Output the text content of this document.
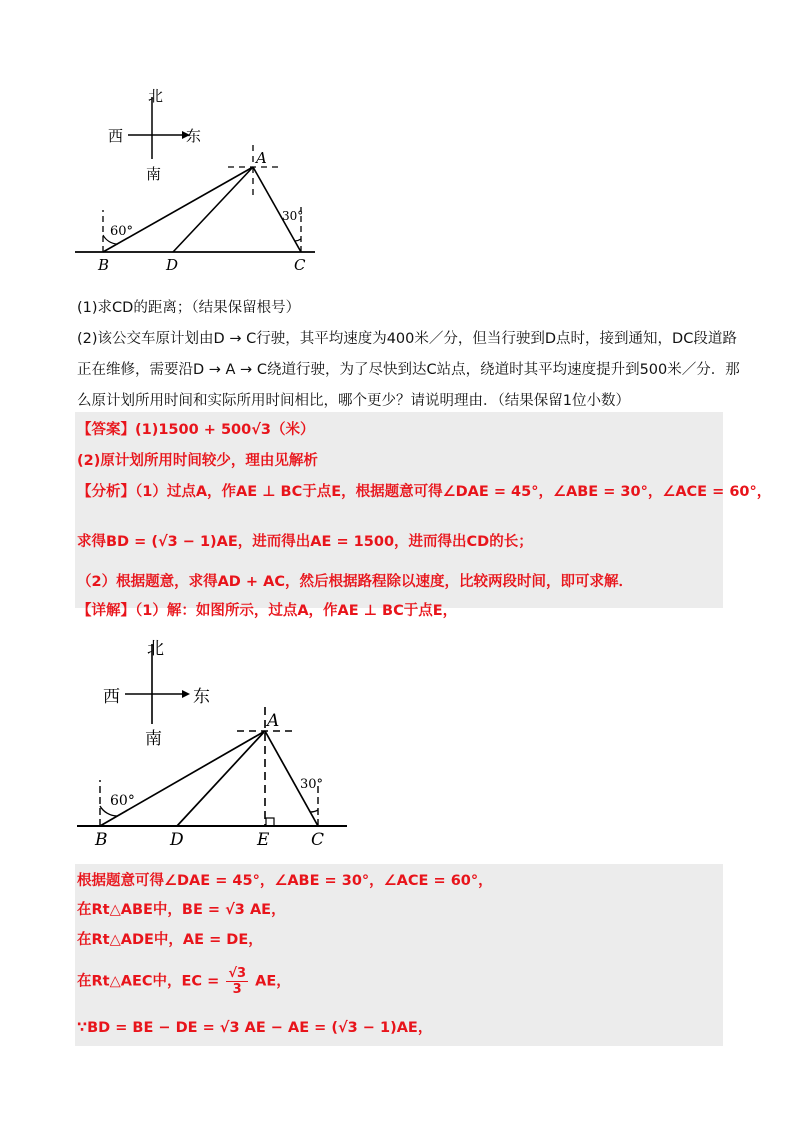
北
南
西	东
60°
30°
A
B	D	C
(1)求CD的距离；（结果保留根号）
(2)该公交车原计划由D → C行驶，其平均速度为400米／分，但当行驶到D点时，接到通知，DC段道路
正在维修，需要沿D → A → C绕道行驶，为了尽快到达C站点，绕道时其平均速度提升到500米／分．那
么原计划所用时间和实际所用时间相比，哪个更少？请说明理由．（结果保留1位小数）
【答案】(1)1500 + 500√3（米）
(2)原计划所用时间较少，理由见解析
【分析】（1）过点A，作AE ⊥ BC于点E，根据题意可得∠DAE = 45°，∠ABE = 30°，∠ACE = 60°，
求得BD = (√3 − 1)AE，进而得出AE = 1500，进而得出CD的长；
（2）根据题意，求得AD + AC，然后根据路程除以速度，比较两段时间，即可求解．
【详解】（1）解：如图所示，过点A，作AE ⊥ BC于点E，
北
南
西	东
60°
30°
A
B	D	E C
根据题意可得∠DAE = 45°，∠ABE = 30°，∠ACE = 60°，
在Rt△ABE中，BE = √3 AE，
在Rt△ADE中，AE = DE，
在Rt△AEC中，EC = $\frac{√3}{3}$ AE，
∵BD = BE − DE = √3 AE − AE = (√3 − 1)AE，
